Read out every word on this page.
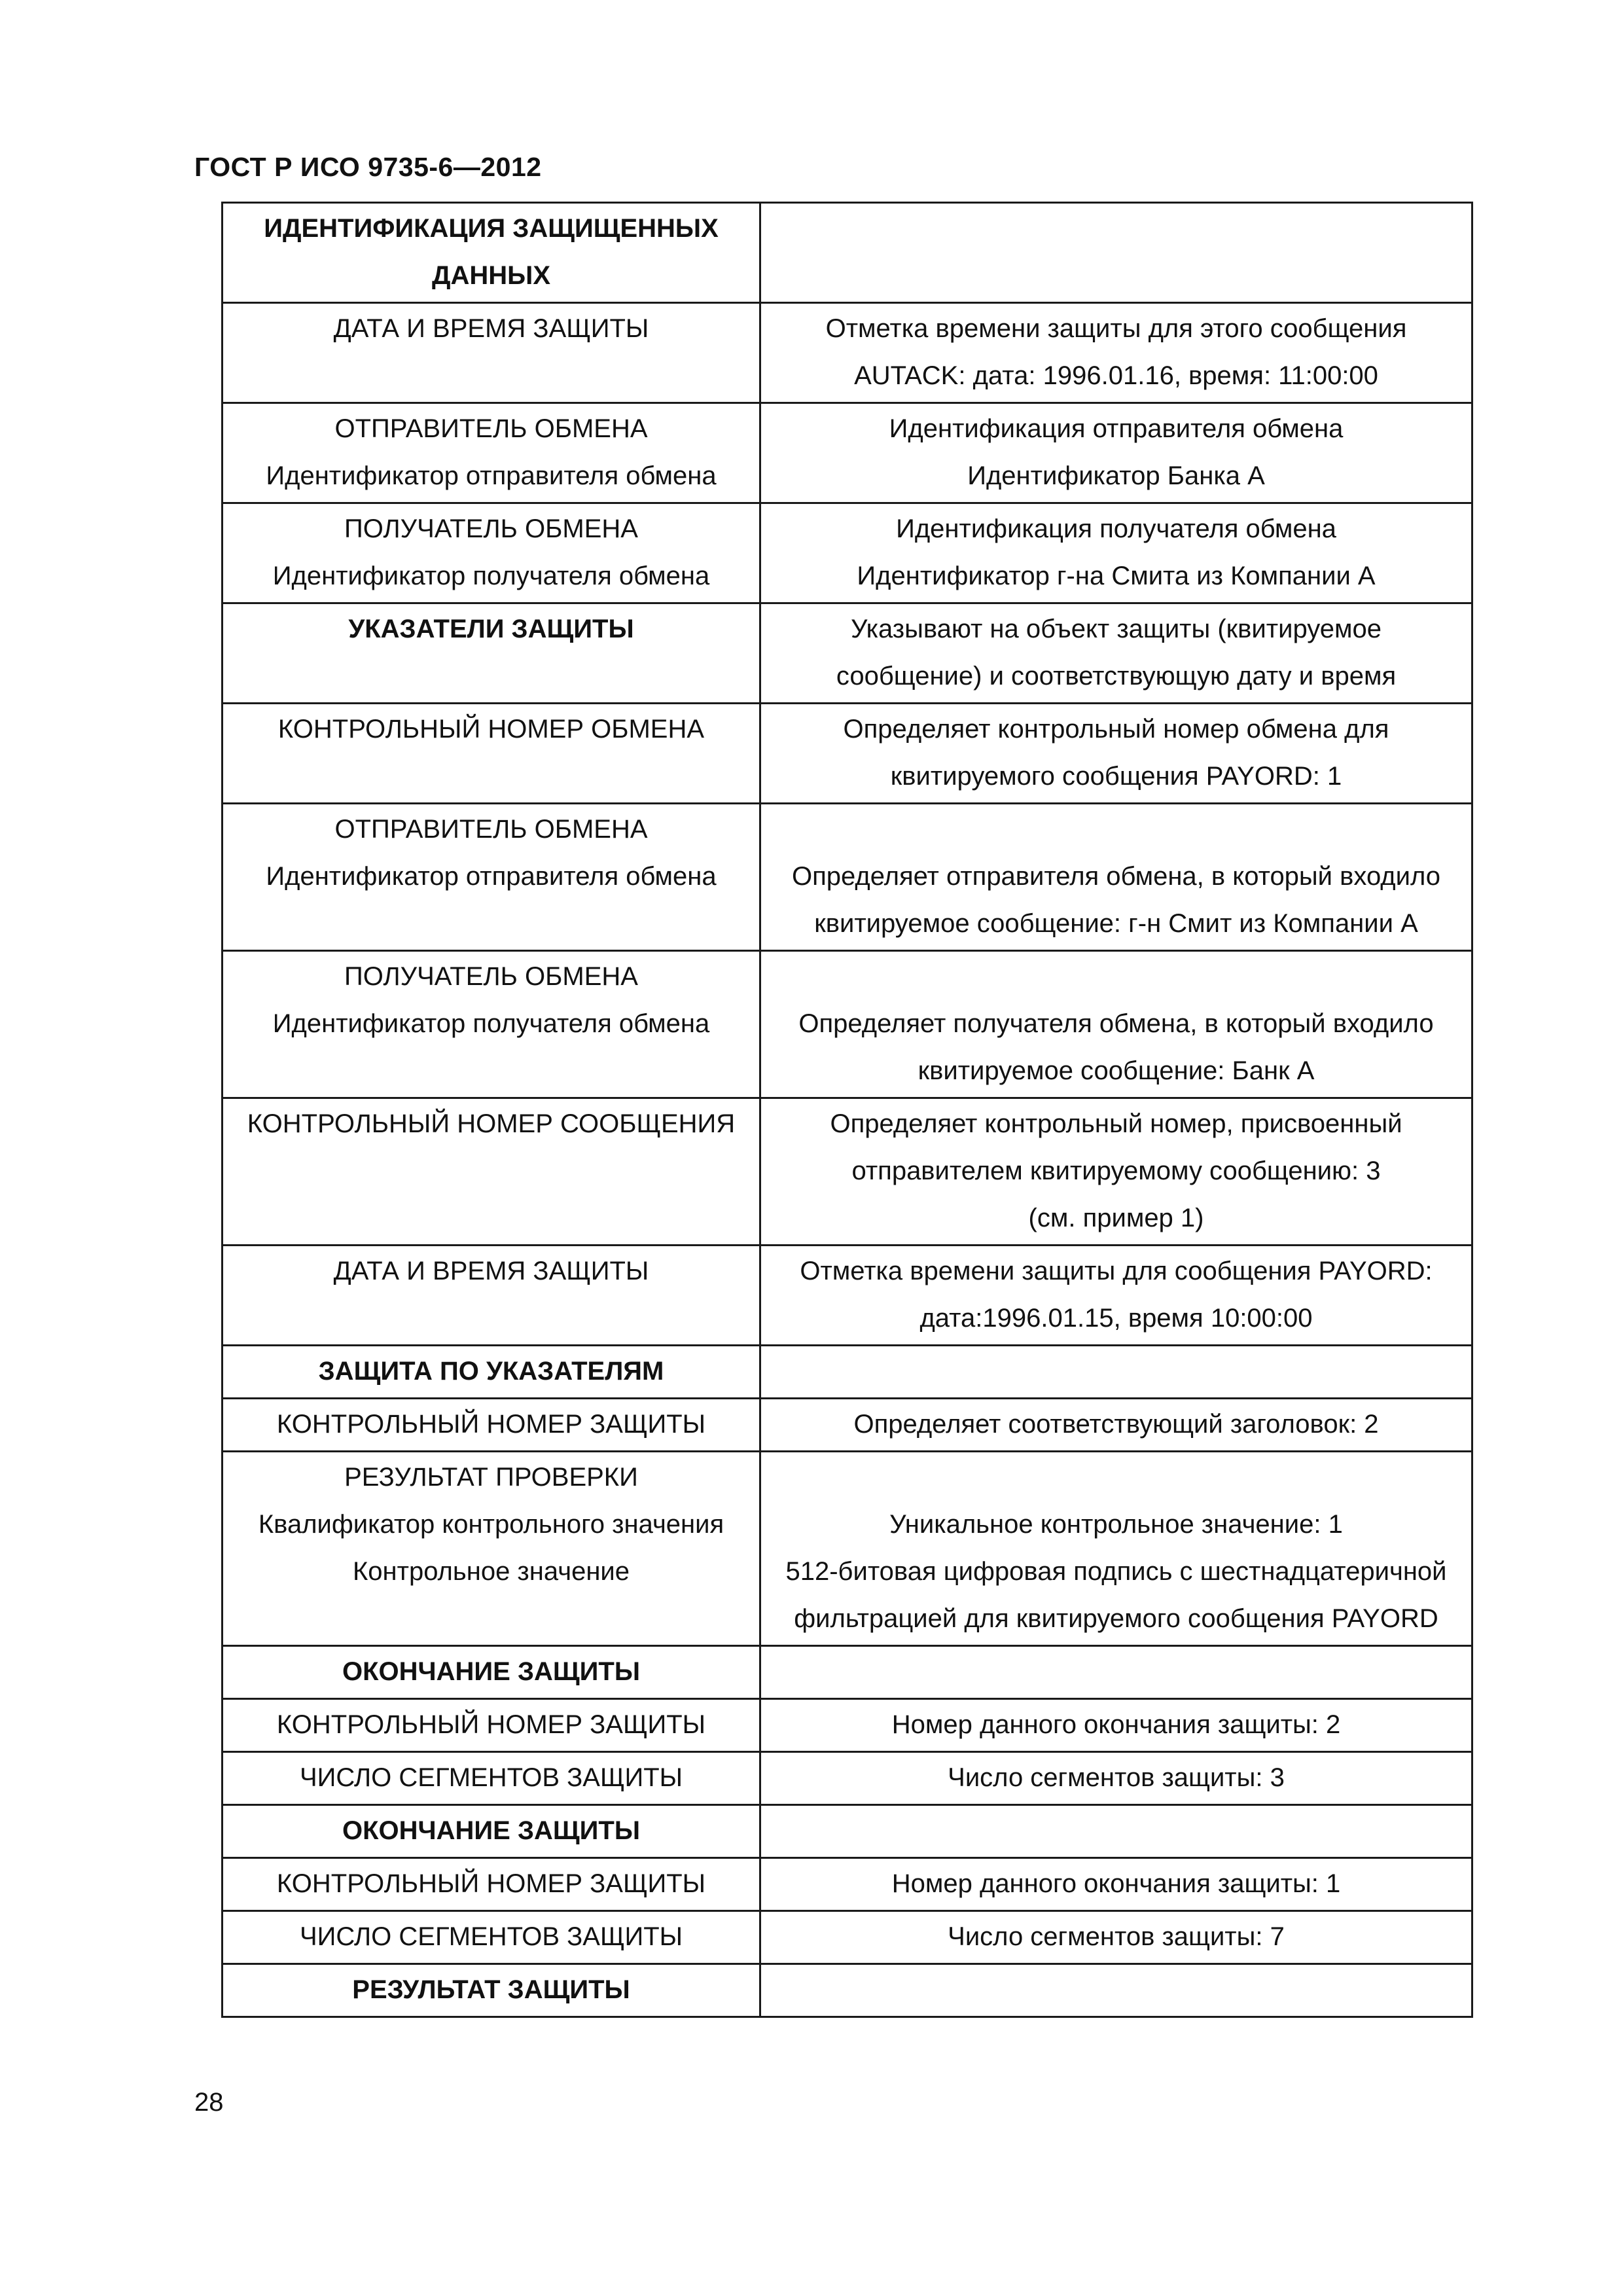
ГОСТ Р ИСО 9735-6—2012
ИДЕНТИФИКАЦИЯ ЗАЩИЩЕННЫХ
ДАННЫХ	

ДАТА И ВРЕМЯ ЗАЩИТЫ	Отметка времени защиты для этого сообщения
AUTACK: дата: 1996.01.16, время: 11:00:00

ОТПРАВИТЕЛЬ ОБМЕНА
Идентификатор отправителя обмена	Идентификация отправителя обмена
Идентификатор Банка А

ПОЛУЧАТЕЛЬ ОБМЕНА
Идентификатор получателя обмена	Идентификация получателя обмена
Идентификатор г-на Смита из Компании А

УКАЗАТЕЛИ ЗАЩИТЫ	Указывают на объект защиты (квитируемое
сообщение) и соответствующую дату и время

КОНТРОЛЬНЫЙ НОМЕР ОБМЕНА	Определяет контрольный номер обмена для
квитируемого сообщения PAYORD: 1

ОТПРАВИТЕЛЬ ОБМЕНА
Идентификатор отправителя обмена	Определяет отправителя обмена, в который входило
квитируемое сообщение: г-н Смит из Компании А

ПОЛУЧАТЕЛЬ ОБМЕНА
Идентификатор получателя обмена	Определяет получателя обмена, в который входило
квитируемое сообщение: Банк А

КОНТРОЛЬНЫЙ НОМЕР СООБЩЕНИЯ	Определяет контрольный номер, присвоенный
отправителем квитируемому сообщению: 3
(см. пример 1)

ДАТА И ВРЕМЯ ЗАЩИТЫ	Отметка времени защиты для сообщения PAYORD:
дата:1996.01.15, время 10:00:00

ЗАЩИТА ПО УКАЗАТЕЛЯМ	

КОНТРОЛЬНЫЙ НОМЕР ЗАЩИТЫ	Определяет соответствующий заголовок: 2

РЕЗУЛЬТАТ ПРОВЕРКИ
Квалификатор контрольного значения
Контрольное значение	Уникальное контрольное значение: 1
512-битовая цифровая подпись с шестнадцатеричной
фильтрацией для квитируемого сообщения PAYORD

ОКОНЧАНИЕ ЗАЩИТЫ	

КОНТРОЛЬНЫЙ НОМЕР ЗАЩИТЫ	Номер данного окончания защиты: 2

ЧИСЛО СЕГМЕНТОВ ЗАЩИТЫ	Число сегментов защиты: 3

ОКОНЧАНИЕ ЗАЩИТЫ	

КОНТРОЛЬНЫЙ НОМЕР ЗАЩИТЫ	Номер данного окончания защиты: 1

ЧИСЛО СЕГМЕНТОВ ЗАЩИТЫ	Число сегментов защиты: 7

РЕЗУЛЬТАТ ЗАЩИТЫ	

28
